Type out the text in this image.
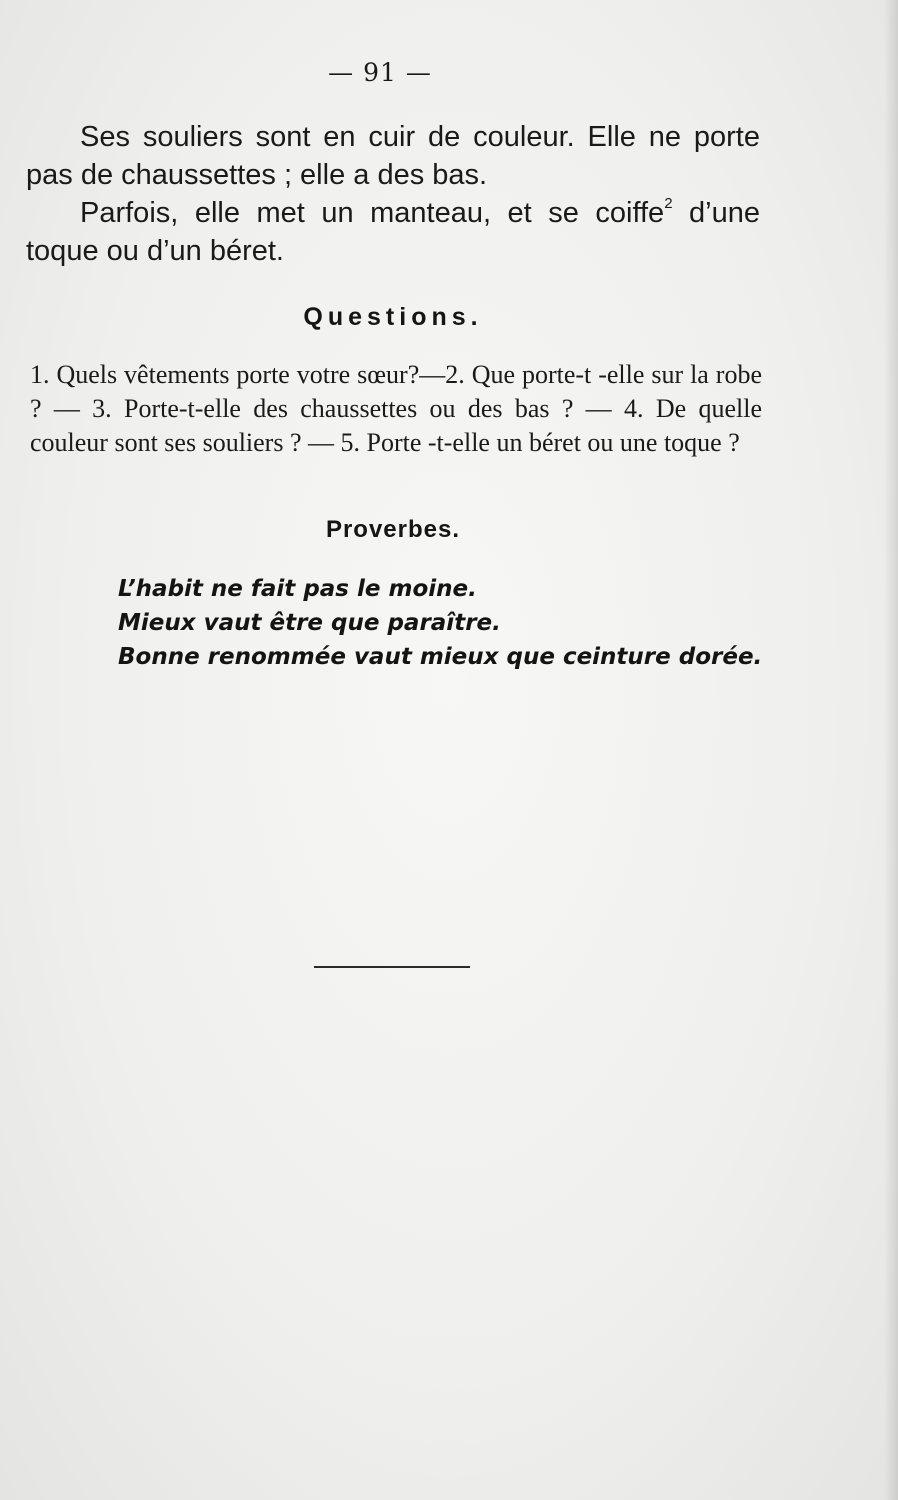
— 91 —
Ses souliers sont en cuir de couleur. Elle ne porte pas de chaussettes ; elle a des bas.
Parfois, elle met un manteau, et se coiffe$^2$ d’une toque ou d’un béret.
Questions.
1. Quels vêtements porte votre sœur?—2. Que porte-t -elle sur la robe ? — 3. Porte-t-elle des chaussettes ou des bas ? — 4. De quelle couleur sont ses souliers ? — 5. Porte -t-elle un béret ou une toque ?
Proverbes.
L’habit ne fait pas le moine.
Mieux vaut être que paraître.
Bonne renommée vaut mieux que ceinture dorée.
